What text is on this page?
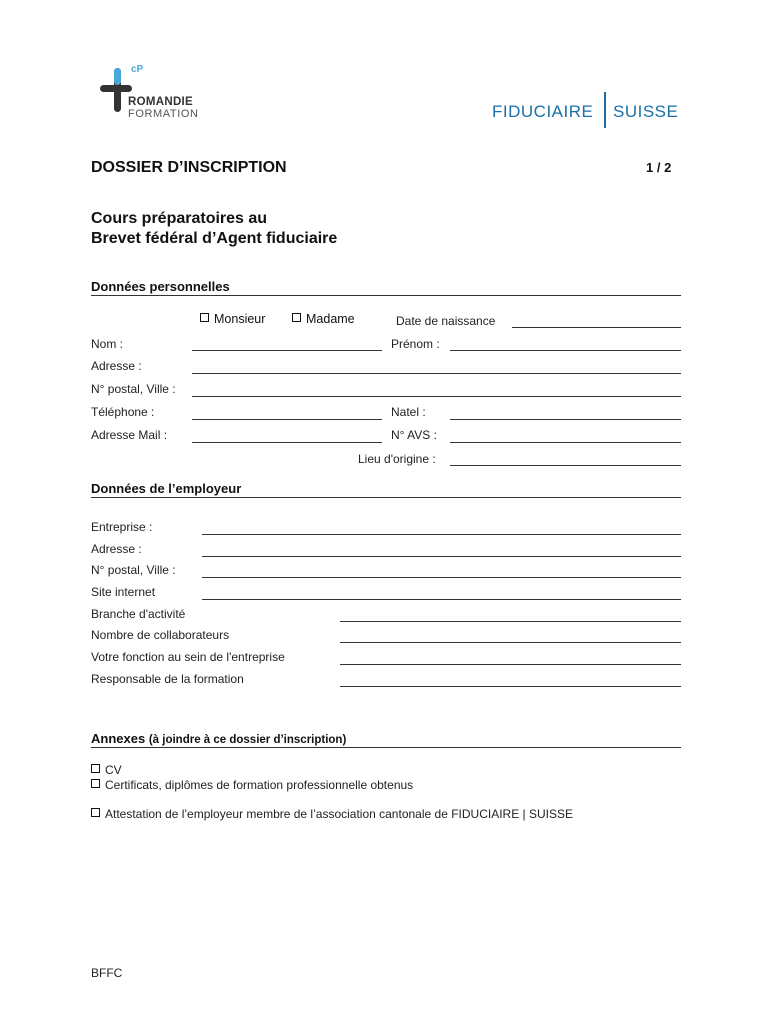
cP
ROMANDIE
FORMATION	FIDUCIAIRE SUISSE
DOSSIER D’INSCRIPTION	1 / 2
Cours préparatoires au
Brevet fédéral d’Agent fiduciaire
Données personnelles
Monsieur	Madame	Date de naissance
Nom :	Prénom :
Adresse :
N° postal, Ville :
Téléphone :	Natel :
Adresse Mail :	N° AVS :
Lieu d'origine :
Données de l’employeur
Entreprise :
Adresse :
N° postal, Ville :
Site internet
Branche d'activité
Nombre de collaborateurs
Votre fonction au sein de l'entreprise
Responsable de la formation
Annexes (à joindre à ce dossier d’inscription)
CV
Certificats, diplômes de formation professionnelle obtenus
Attestation de l’employeur membre de l’association cantonale de FIDUCIAIRE | SUISSE
BFFC
